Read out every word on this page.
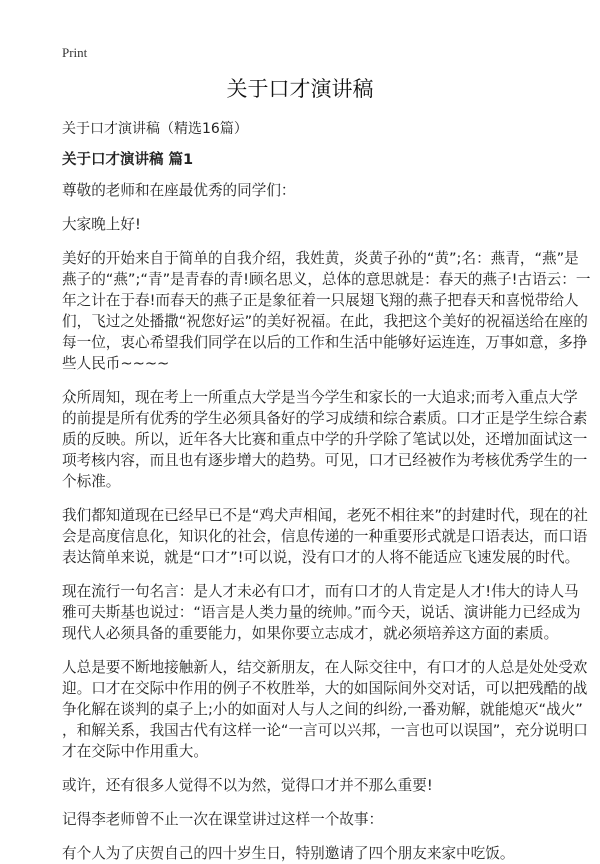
Print
关于口才演讲稿
关于口才演讲稿（精选16篇）
关于口才演讲稿 篇1
尊敬的老师和在座最优秀的同学们：
大家晚上好!
美好的开始来自于简单的自我介绍，我姓黄，炎黄子孙的“黄”;名：燕青，“燕”是
燕子的“燕”;“青”是青春的青!顾名思义，总体的意思就是：春天的燕子!古语云：一
年之计在于春!而春天的燕子正是象征着一只展翅飞翔的燕子把春天和喜悦带给人
们，飞过之处播撒“祝您好运”的美好祝福。在此，我把这个美好的祝福送给在座的
每一位，衷心希望我们同学在以后的工作和生活中能够好运连连，万事如意，多挣
些人民币~~~~
众所周知，现在考上一所重点大学是当今学生和家长的一大追求;而考入重点大学
的前提是所有优秀的学生必须具备好的学习成绩和综合素质。口才正是学生综合素
质的反映。所以，近年各大比赛和重点中学的升学除了笔试以处，还增加面试这一
项考核内容，而且也有逐步增大的趋势。可见，口才已经被作为考核优秀学生的一
个标准。
我们都知道现在已经早已不是“鸡犬声相闻，老死不相往来”的封建时代，现在的社
会是高度信息化，知识化的社会，信息传递的一种重要形式就是口语表达，而口语
表达简单来说，就是“口才”!可以说，没有口才的人将不能适应飞速发展的时代。
现在流行一句名言：是人才未必有口才，而有口才的人肯定是人才!伟大的诗人马
雅可夫斯基也说过：“语言是人类力量的统帅。”而今天，说话、演讲能力已经成为
现代人必须具备的重要能力，如果你要立志成才，就必须培养这方面的素质。
人总是要不断地接触新人，结交新朋友，在人际交往中，有口才的人总是处处受欢
迎。口才在交际中作用的例子不枚胜举，大的如国际间外交对话，可以把残酷的战
争化解在谈判的桌子上;小的如面对人与人之间的纠纷,一番劝解，就能熄灭“战火”
，和解关系，我国古代有这样一论“一言可以兴邦，一言也可以误国”，充分说明口
才在交际中作用重大。
或许，还有很多人觉得不以为然，觉得口才并不那么重要!
记得李老师曾不止一次在课堂讲过这样一个故事：
有个人为了庆贺自己的四十岁生日，特别邀请了四个朋友来家中吃饭。
